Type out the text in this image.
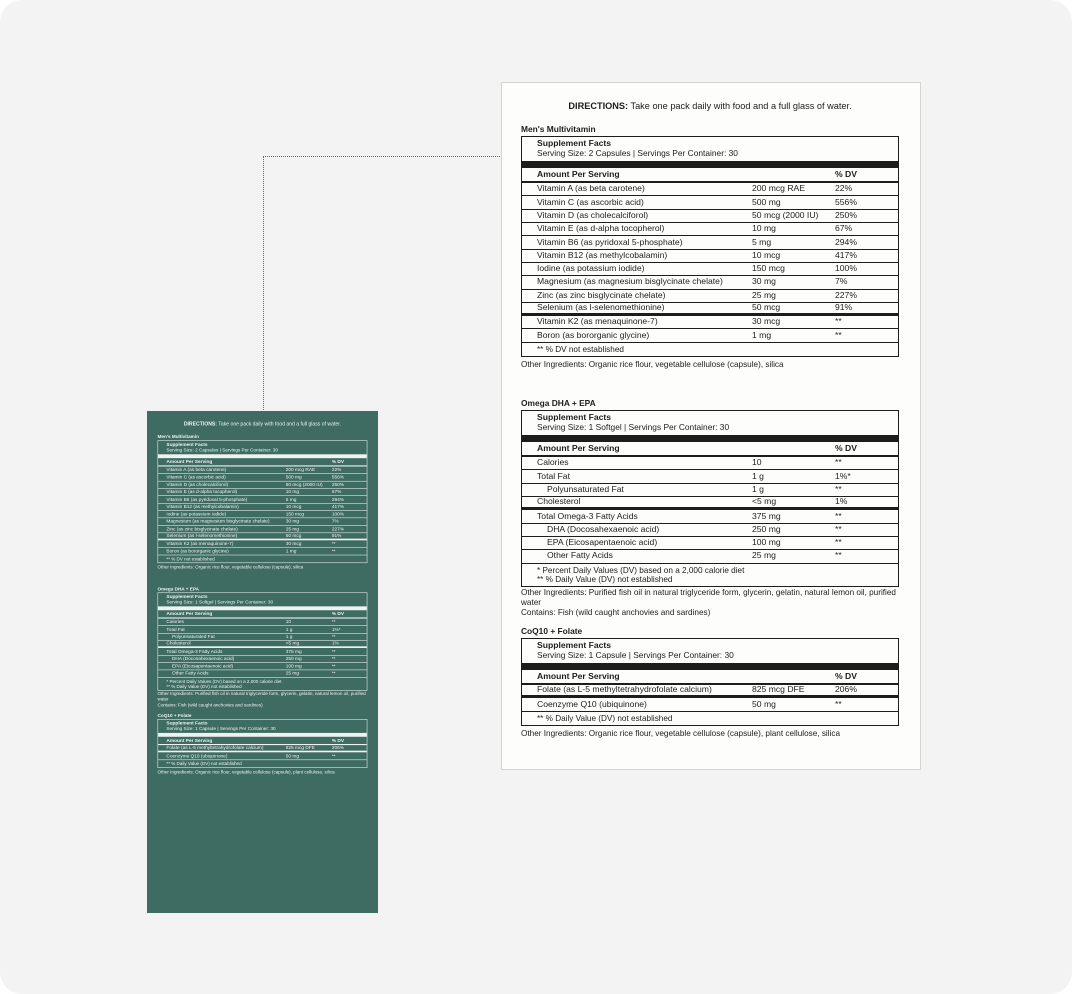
DIRECTIONS: Take one pack daily with food and a full glass of water.
Men's Multivitamin
Supplement Facts
Serving Size: 2 Capsules | Servings Per Container: 30
Amount Per Serving	% DV
Vitamin A (as beta carotene)	200 mcg RAE	22%
Vitamin C (as ascorbic acid)	500 mg	556%
Vitamin D (as cholecalciforol)	50 mcg (2000 IU)	250%
Vitamin E (as d-alpha tocopherol)	10 mg	67%
Vitamin B6 (as pyridoxal 5-phosphate)	5 mg	294%
Vitamin B12 (as methylcobalamin)	10 mcg	417%
Iodine (as potassium iodide)	150 mcg	100%
Magnesium (as magnesium bisglycinate chelate)	30 mg	7%
Zinc (as zinc bisglycinate chelate)	25 mg	227%
Selenium (as l-selenomethionine)	50 mcg	91%
Vitamin K2 (as menaquinone-7)	30 mcg	**
Boron (as bororganic glycine)	1 mg	**
** % DV not established
Other Ingredients: Organic rice flour, vegetable cellulose (capsule), silica
Omega DHA + EPA
Supplement Facts
Serving Size: 1 Softgel | Servings Per Container: 30
Amount Per Serving	% DV
Calories	10	**
Total Fat	1 g	1%*
Polyunsaturated Fat	1 g	**
Cholesterol	<5 mg	1%
Total Omega-3 Fatty Acids	375 mg	**
DHA (Docosahexaenoic acid)	250 mg	**
EPA (Eicosapentaenoic acid)	100 mg	**
Other Fatty Acids	25 mg	**
* Percent Daily Values (DV) based on a 2,000 calorie diet
** % Daily Value (DV) not established
Other Ingredients: Purified fish oil in natural triglyceride form, glycerin, gelatin, natural lemon oil, purified water
Contains: Fish (wild caught anchovies and sardines)
CoQ10 + Folate
Supplement Facts
Serving Size: 1 Capsule | Servings Per Container: 30
Amount Per Serving	% DV
Folate (as L-5 methyltetrahydrofolate calcium)	825 mcg DFE	206%
Coenzyme Q10 (ubiquinone)	50 mg	**
** % Daily Value (DV) not established
Other Ingredients: Organic rice flour, vegetable cellulose (capsule), plant cellulose, silica
DIRECTIONS: Take one pack daily with food and a full glass of water.
Men's Multivitamin
Supplement Facts
Serving Size: 2 Capsules | Servings Per Container: 30
Amount Per Serving	% DV
Vitamin A (as beta carotene)	200 mcg RAE	22%
Vitamin C (as ascorbic acid)	500 mg	556%
Vitamin D (as cholecalciforol)	50 mcg (2000 IU)	250%
Vitamin E (as d-alpha tocopherol)	10 mg	67%
Vitamin B6 (as pyridoxal 5-phosphate)	5 mg	294%
Vitamin B12 (as methylcobalamin)	10 mcg	417%
Iodine (as potassium iodide)	150 mcg	100%
Magnesium (as magnesium bisglycinate chelate)	30 mg	7%
Zinc (as zinc bisglycinate chelate)	25 mg	227%
Selenium (as l-selenomethionine)	50 mcg	91%
Vitamin K2 (as menaquinone-7)	30 mcg	**
Boron (as bororganic glycine)	1 mg	**
** % DV not established
Other Ingredients: Organic rice flour, vegetable cellulose (capsule), silica
Omega DHA + EPA
Supplement Facts
Serving Size: 1 Softgel | Servings Per Container: 30
Amount Per Serving	% DV
Calories	10	**
Total Fat	1 g	1%*
Polyunsaturated Fat	1 g	**
Cholesterol	<5 mg	1%
Total Omega-3 Fatty Acids	375 mg	**
DHA (Docosahexaenoic acid)	250 mg	**
EPA (Eicosapentaenoic acid)	100 mg	**
Other Fatty Acids	25 mg	**
* Percent Daily Values (DV) based on a 2,000 calorie diet
** % Daily Value (DV) not established
Other Ingredients: Purified fish oil in natural triglyceride form, glycerin, gelatin, natural lemon oil, purified water
Contains: Fish (wild caught anchovies and sardines)
CoQ10 + Folate
Supplement Facts
Serving Size: 1 Capsule | Servings Per Container: 30
Amount Per Serving	% DV
Folate (as L-5 methyltetrahydrofolate calcium)	825 mcg DFE	206%
Coenzyme Q10 (ubiquinone)	50 mg	**
** % Daily Value (DV) not established
Other Ingredients: Organic rice flour, vegetable cellulose (capsule), plant cellulose, silica
